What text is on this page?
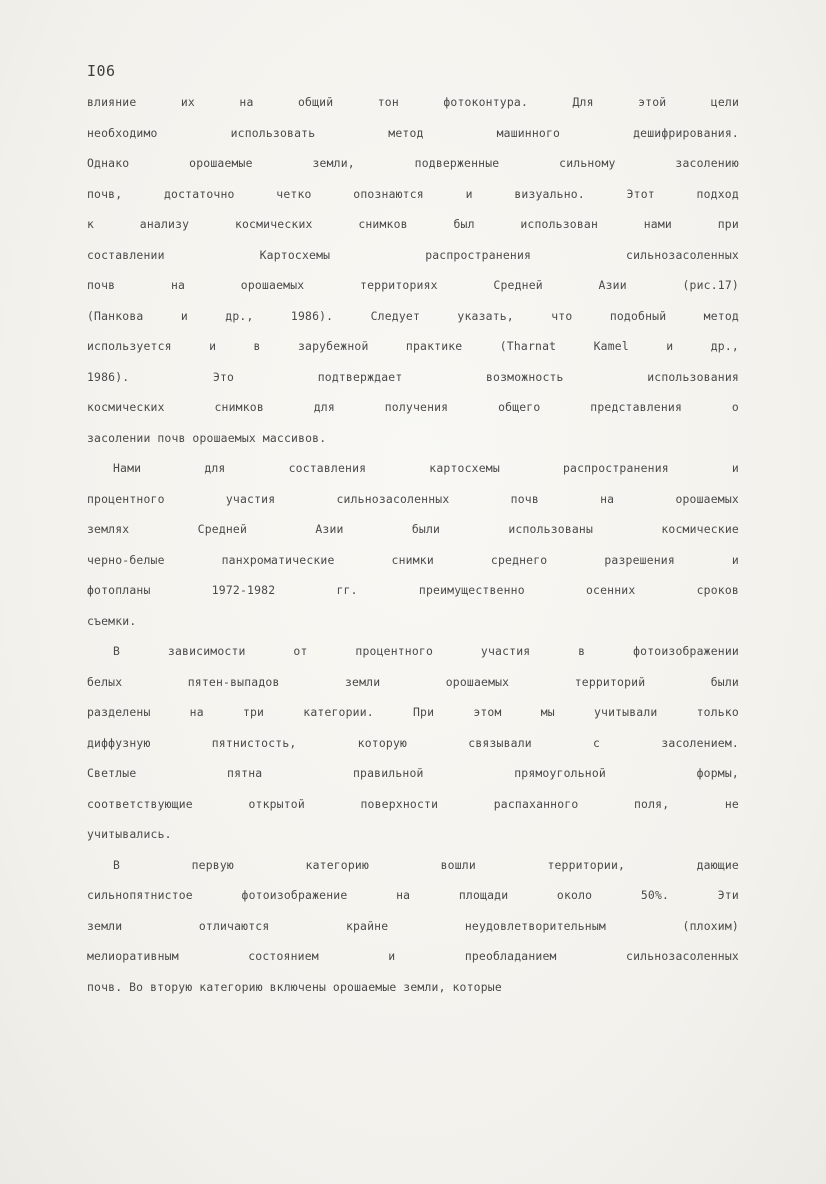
I06
влияние	их	на	общий	тон	фотоконтура.	Для	этой	цели
необходимо	использовать	метод	машинного	дешифрирования.
Однако	орошаемые	земли,	подверженные	сильному	засолению
почв,	достаточно	четко	опознаются	и	визуально.	Этот	подход
к	анализу	космических	снимков	был	использован	нами	при
составлении	Картосхемы	распространения	сильнозасоленных
почв	на	орошаемых	территориях	Средней	Азии	(рис.17)
(Панкова	и	др.,	1986).	Следует	указать,	что	подобный	метод
используется	и	в	зарубежной	практике	(Tharnat	Kamel	и	др.,
1986).	Это	подтверждает	возможность	использования
космических	снимков	для	получения	общего	представления	о
засолении почв орошаемых массивов.
Нами	для	составления	картосхемы	распространения	и
процентного	участия	сильнозасоленных	почв	на	орошаемых
землях	Средней	Азии	были	использованы	космические
черно-белые	панхроматические	снимки	среднего	разрешения	и
фотопланы	1972-1982	гг.	преимущественно	осенних	сроков
съемки.
В	зависимости	от	процентного	участия	в	фотоизображении
белых	пятен-выпадов	земли	орошаемых	территорий	были
разделены	на	три	категории.	При	этом	мы	учитывали	только
диффузную	пятнистость,	которую	связывали	с	засолением.
Светлые	пятна	правильной	прямоугольной	формы,
соответствующие	открытой	поверхности	распаханного	поля,	не
учитывались.
В	первую	категорию	вошли	территории,	дающие
сильнопятнистое	фотоизображение	на	площади	около	50%.	Эти
земли	отличаются	крайне	неудовлетворительным	(плохим)
мелиоративным	состоянием	и	преобладанием	сильнозасоленных
почв. Во вторую категорию включены орошаемые земли, которые
